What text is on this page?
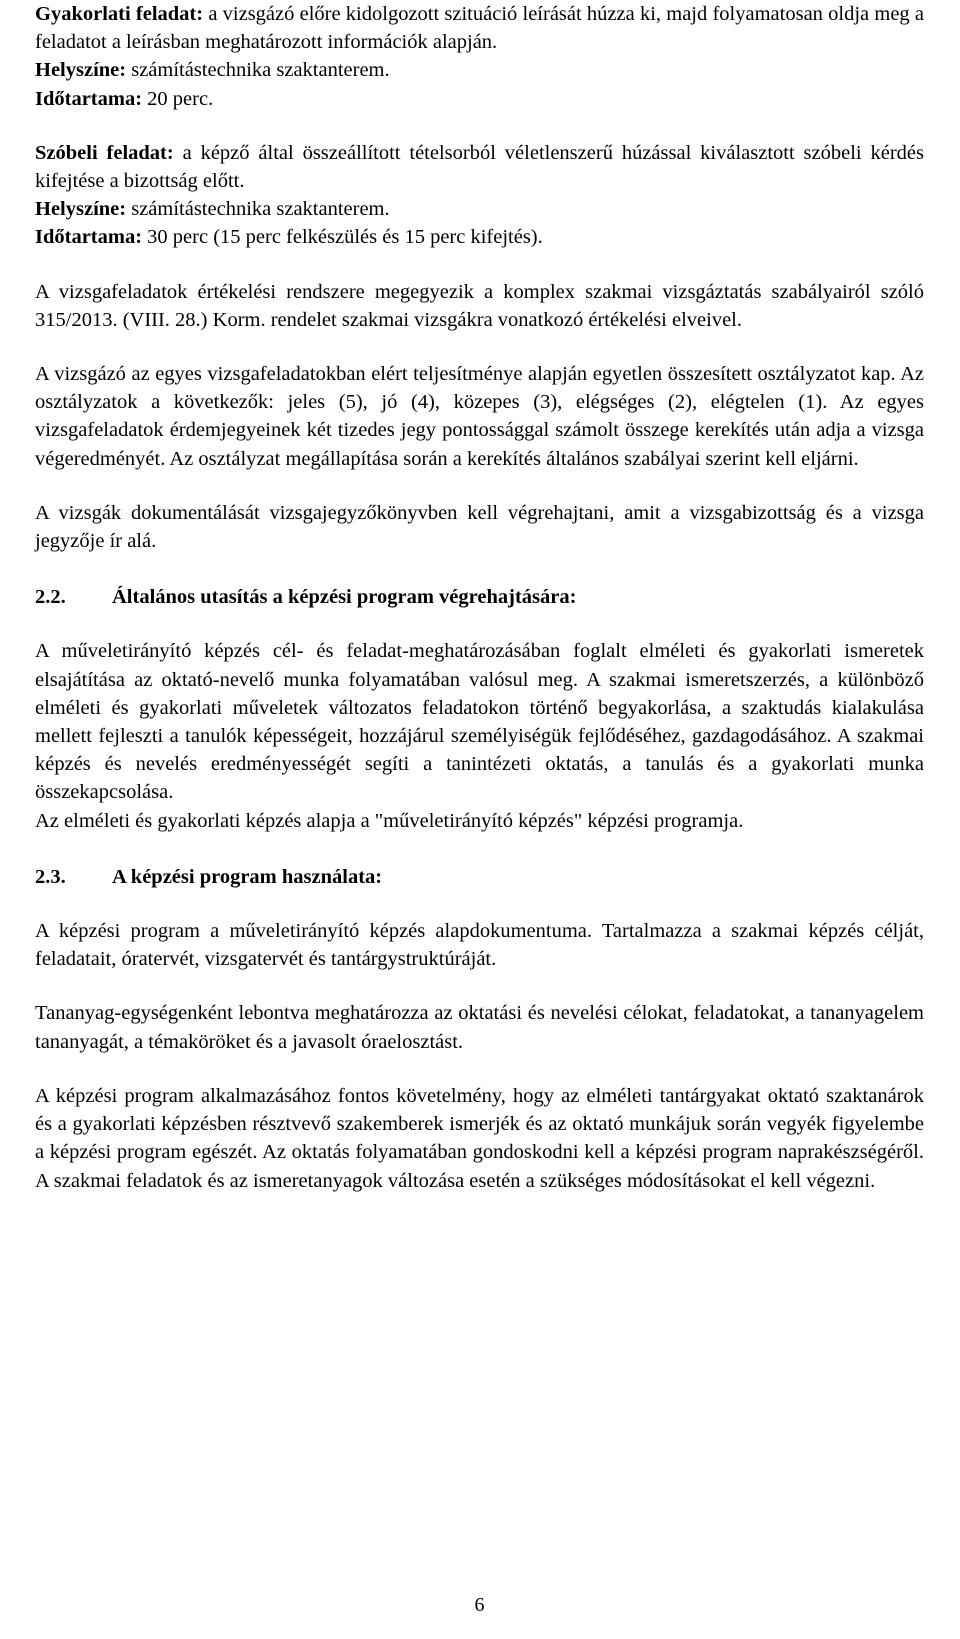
Gyakorlati feladat: a vizsgázó előre kidolgozott szituáció leírását húzza ki, majd folyamatosan oldja meg a feladatot a leírásban meghatározott információk alapján.

Helyszíne: számítástechnika szaktanterem.

Időtartama: 20 perc.

Szóbeli feladat: a képző által összeállított tételsorból véletlenszerű húzással kiválasztott szóbeli kérdés kifejtése a bizottság előtt.

Helyszíne: számítástechnika szaktanterem.

Időtartama: 30 perc (15 perc felkészülés és 15 perc kifejtés).

A vizsgafeladatok értékelési rendszere megegyezik a komplex szakmai vizsgáztatás szabályairól szóló 315/2013. (VIII. 28.) Korm. rendelet szakmai vizsgákra vonatkozó értékelési elveivel.

A vizsgázó az egyes vizsgafeladatokban elért teljesítménye alapján egyetlen összesített osztályzatot kap. Az osztályzatok a következők: jeles (5), jó (4), közepes (3), elégséges (2), elégtelen (1). Az egyes vizsgafeladatok érdemjegyeinek két tizedes jegy pontossággal számolt összege kerekítés után adja a vizsga végeredményét. Az osztályzat megállapítása során a kerekítés általános szabályai szerint kell eljárni.

A vizsgák dokumentálását vizsgajegyzőkönyvben kell végrehajtani, amit a vizsgabizottság és a vizsga jegyzője ír alá.

2.2.	Általános utasítás a képzési program végrehajtására:

A műveletirányító képzés cél- és feladat-meghatározásában foglalt elméleti és gyakorlati ismeretek elsajátítása az oktató-nevelő munka folyamatában valósul meg. A szakmai ismeretszerzés, a különböző elméleti és gyakorlati műveletek változatos feladatokon történő begyakorlása, a szaktudás kialakulása mellett fejleszti a tanulók képességeit, hozzájárul személyiségük fejlődéséhez, gazdagodásához. A szakmai képzés és nevelés eredményességét segíti a tanintézeti oktatás, a tanulás és a gyakorlati munka összekapcsolása.

Az elméleti és gyakorlati képzés alapja a "műveletirányító képzés" képzési programja.

2.3.	A képzési program használata:

A képzési program a műveletirányító képzés alapdokumentuma. Tartalmazza a szakmai képzés célját, feladatait, óratervét, vizsgatervét és tantárgystruktúráját.

Tananyag-egységenként lebontva meghatározza az oktatási és nevelési célokat, feladatokat, a tananyagelem tananyagát, a témaköröket és a javasolt óraelosztást.

A képzési program alkalmazásához fontos követelmény, hogy az elméleti tantárgyakat oktató szaktanárok és a gyakorlati képzésben résztvevő szakemberek ismerjék és az oktató munkájuk során vegyék figyelembe a képzési program egészét. Az oktatás folyamatában gondoskodni kell a képzési program naprakészségéről. A szakmai feladatok és az ismeretanyagok változása esetén a szükséges módosításokat el kell végezni.

6
